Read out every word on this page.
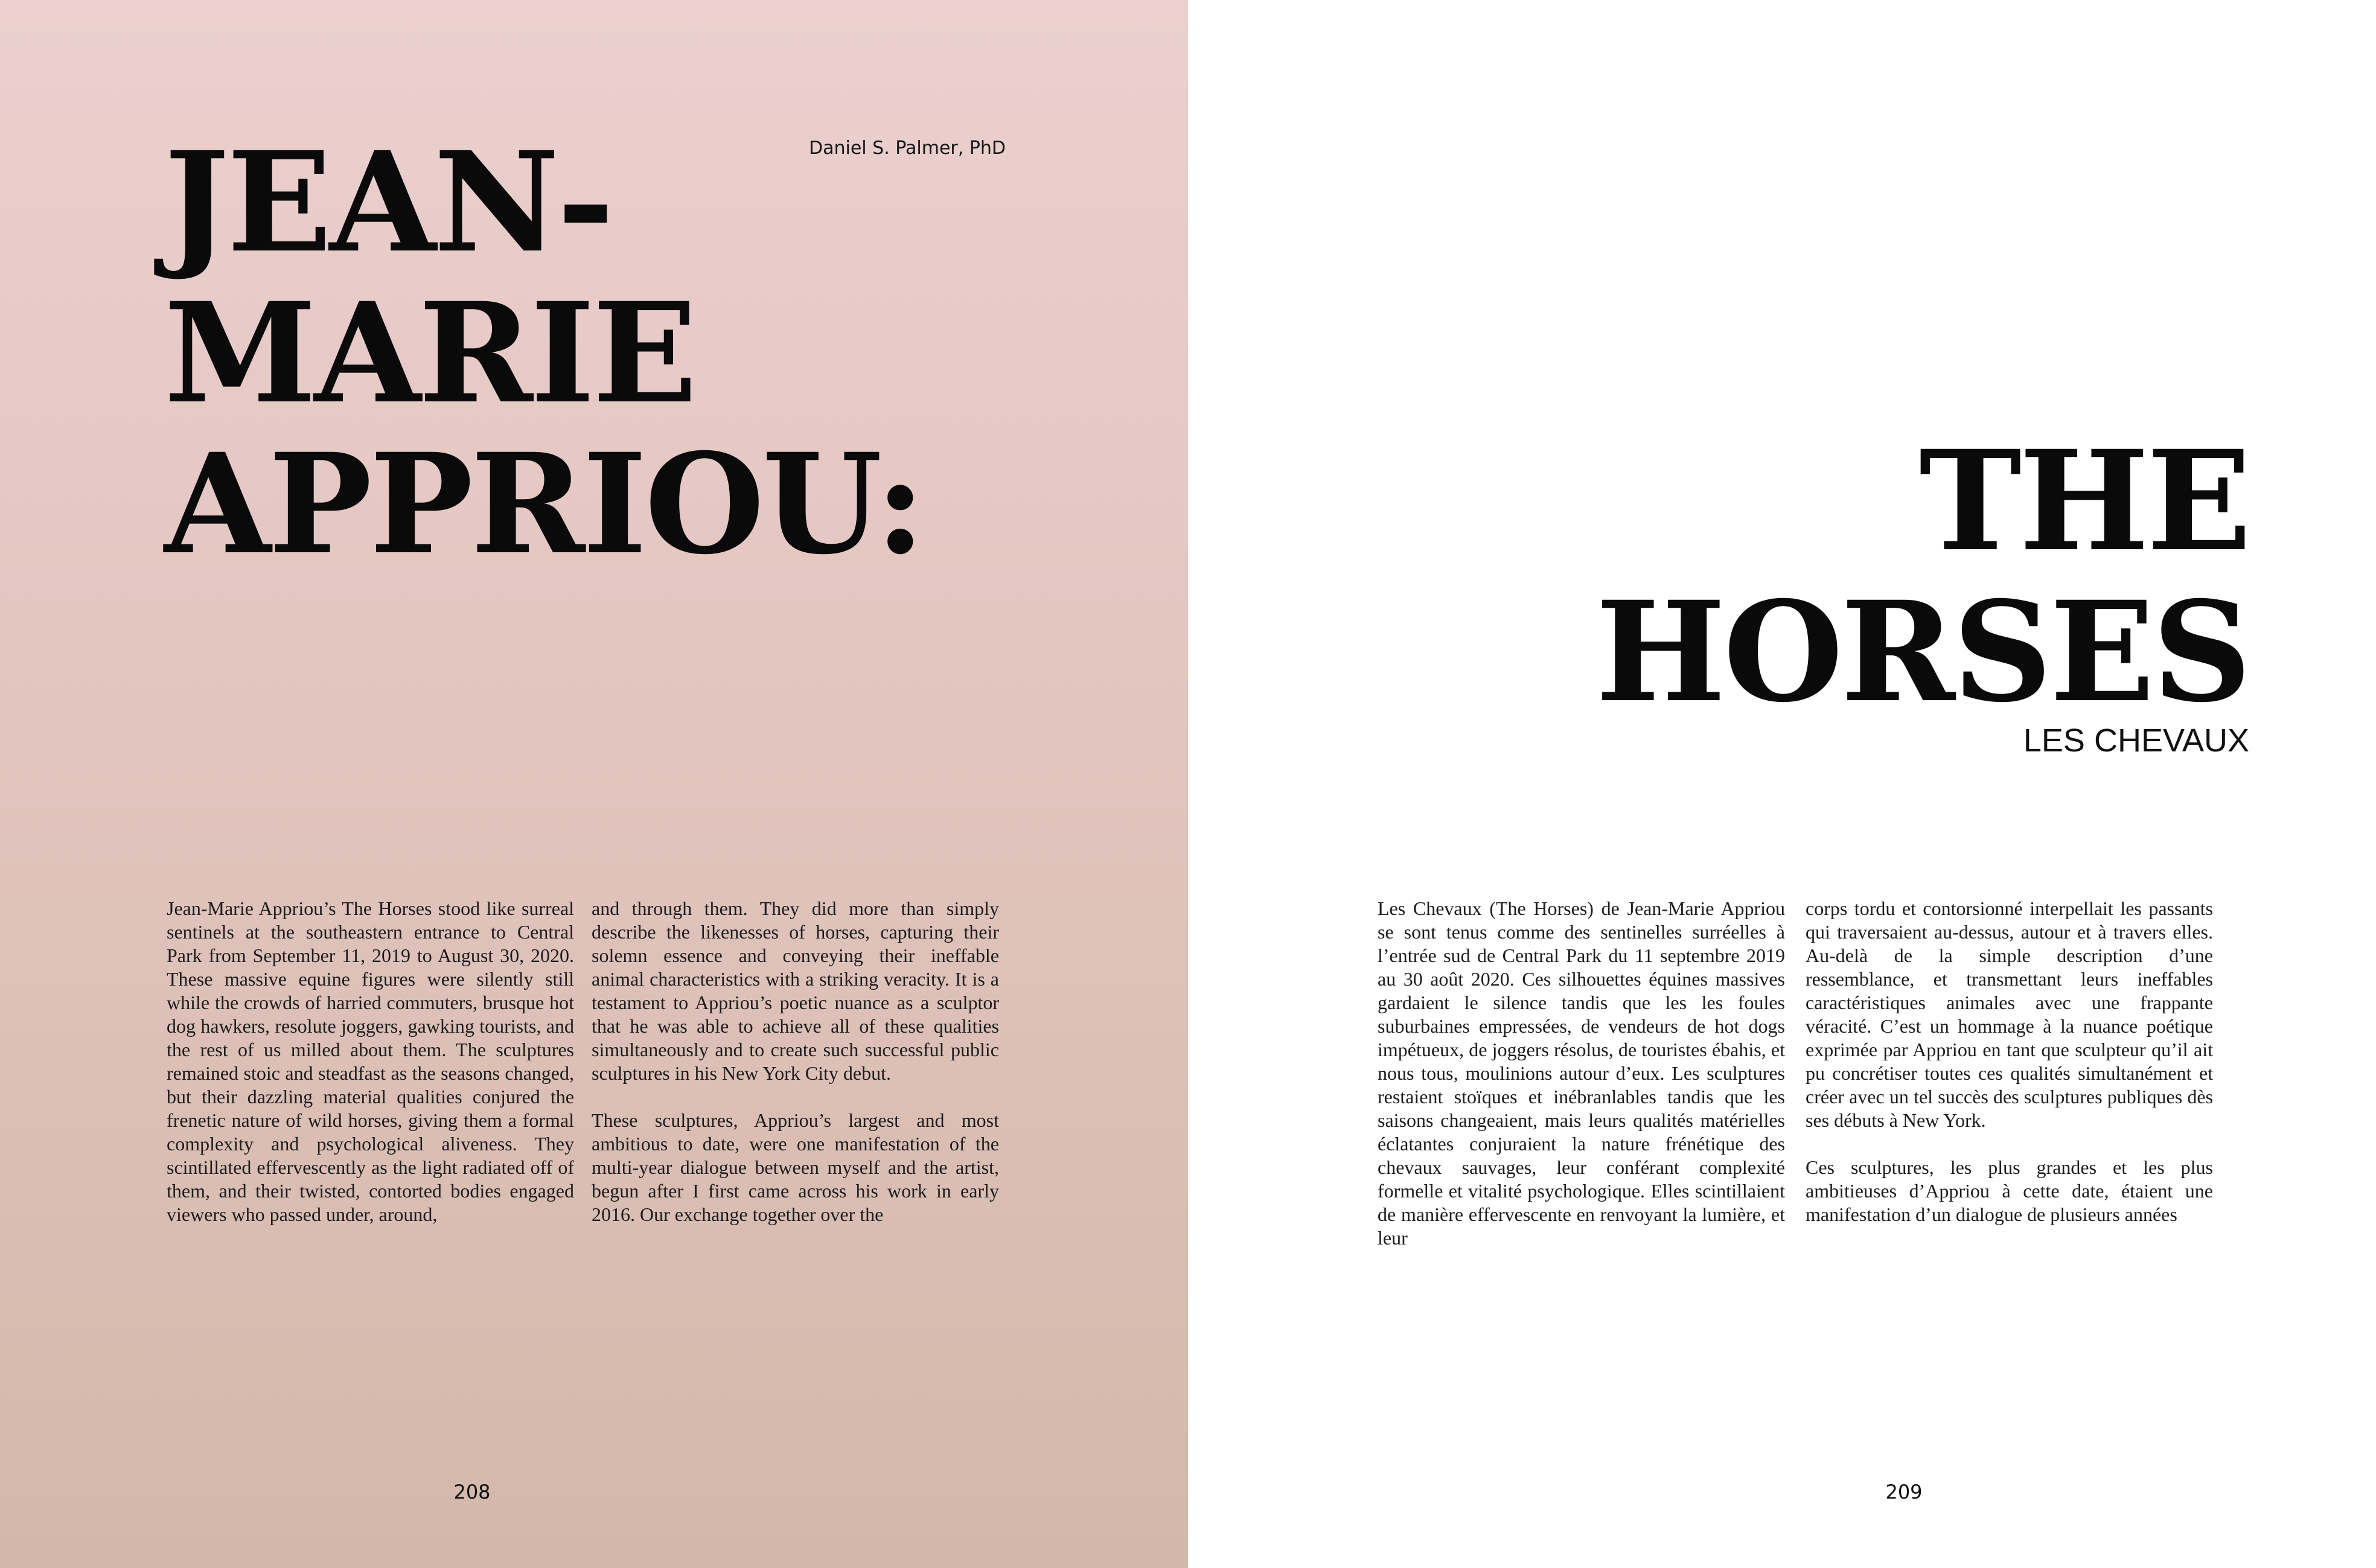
Daniel S. Palmer, PhD
JEAN-
MARIE
APPRIOU:

Jean-Marie Appriou’s The Horses stood like surreal sentinels at the southeastern entrance to Central Park from September 11, 2019 to August 30, 2020. These massive equine figures were silently still while the crowds of harried commuters, brusque hot dog hawkers, resolute joggers, gawking tourists, and the rest of us milled about them. The sculptures remained stoic and steadfast as the seasons changed, but their dazzling material qualities conjured the frenetic nature of wild horses, giving them a formal complexity and psychological aliveness. They scintillated effervescently as the light radiated off of them, and their twisted, contorted bodies engaged viewers who passed under, around,

and through them. They did more than simply describe the likenesses of horses, capturing their solemn essence and conveying their ineffable animal characteristics with a striking veracity. It is a testament to Appriou’s poetic nuance as a sculptor that he was able to achieve all of these qualities simultaneously and to create such successful public sculptures in his New York City debut.

These sculptures, Appriou’s largest and most ambitious to date, were one manifestation of the multi-year dialogue between myself and the artist, begun after I first came across his work in early 2016. Our exchange together over the

208
THE
HORSES
LES CHEVAUX

Les Chevaux (The Horses) de Jean-Marie Appriou se sont tenus comme des sentinelles surréelles à l’entrée sud de Central Park du 11 septembre 2019 au 30 août 2020. Ces silhouettes équines massives gardaient le silence tandis que les les foules suburbaines empressées, de vendeurs de hot dogs impétueux, de joggers résolus, de touristes ébahis, et nous tous, moulinions autour d’eux. Les sculptures restaient stoïques et inébranlables tandis que les saisons changeaient, mais leurs qualités matérielles éclatantes conjuraient la nature frénétique des chevaux sauvages, leur conférant complexité formelle et vitalité psychologique. Elles scintillaient de manière effervescente en renvoyant la lumière, et leur

corps tordu et contorsionné interpellait les passants qui traversaient au-dessus, autour et à travers elles. Au-delà de la simple description d’une ressemblance, et transmettant leurs ineffables caractéristiques animales avec une frappante véracité. C’est un hommage à la nuance poétique exprimée par Appriou en tant que sculpteur qu’il ait pu concrétiser toutes ces qualités simultanément et créer avec un tel succès des sculptures publiques dès ses débuts à New York.

Ces sculptures, les plus grandes et les plus ambitieuses d’Appriou à cette date, étaient une manifestation d’un dialogue de plusieurs années

209
